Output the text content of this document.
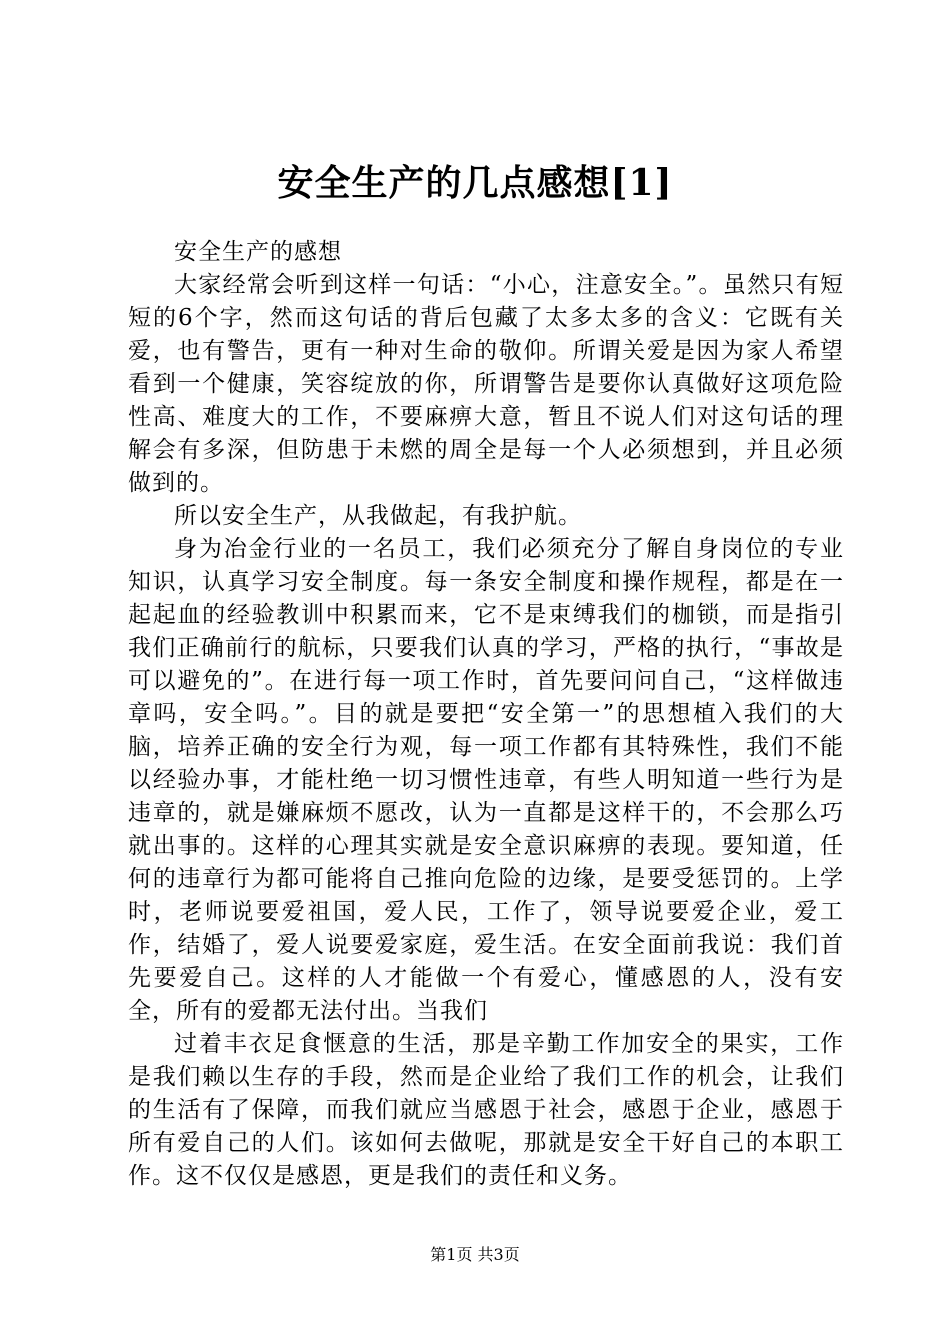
安全生产的几点感想[1]

安全生产的感想

大家经常会听到这样一句话：“小心，注意安全。”。虽然只有短短的6个字，然而这句话的背后包藏了太多太多的含义：它既有关爱，也有警告，更有一种对生命的敬仰。所谓关爱是因为家人希望看到一个健康，笑容绽放的你，所谓警告是要你认真做好这项危险性高、难度大的工作，不要麻痹大意，暂且不说人们对这句话的理解会有多深，但防患于未燃的周全是每一个人必须想到，并且必须做到的。

所以安全生产，从我做起，有我护航。

身为冶金行业的一名员工，我们必须充分了解自身岗位的专业知识，认真学习安全制度。每一条安全制度和操作规程，都是在一起起血的经验教训中积累而来，它不是束缚我们的枷锁，而是指引我们正确前行的航标，只要我们认真的学习，严格的执行，“事故是可以避免的”。在进行每一项工作时，首先要问问自己，“这样做违章吗，安全吗。”。目的就是要把“安全第一”的思想植入我们的大脑，培养正确的安全行为观，每一项工作都有其特殊性，我们不能以经验办事，才能杜绝一切习惯性违章，有些人明知道一些行为是违章的，就是嫌麻烦不愿改，认为一直都是这样干的，不会那么巧就出事的。这样的心理其实就是安全意识麻痹的表现。要知道，任何的违章行为都可能将自己推向危险的边缘，是要受惩罚的。上学时，老师说要爱祖国，爱人民，工作了，领导说要爱企业，爱工作，结婚了，爱人说要爱家庭，爱生活。在安全面前我说：我们首先要爱自己。这样的人才能做一个有爱心，懂感恩的人，没有安全，所有的爱都无法付出。当我们

过着丰衣足食惬意的生活，那是辛勤工作加安全的果实，工作是我们赖以生存的手段，然而是企业给了我们工作的机会，让我们的生活有了保障，而我们就应当感恩于社会，感恩于企业，感恩于所有爱自己的人们。该如何去做呢，那就是安全干好自己的本职工作。这不仅仅是感恩，更是我们的责任和义务。

第1页 共3页
